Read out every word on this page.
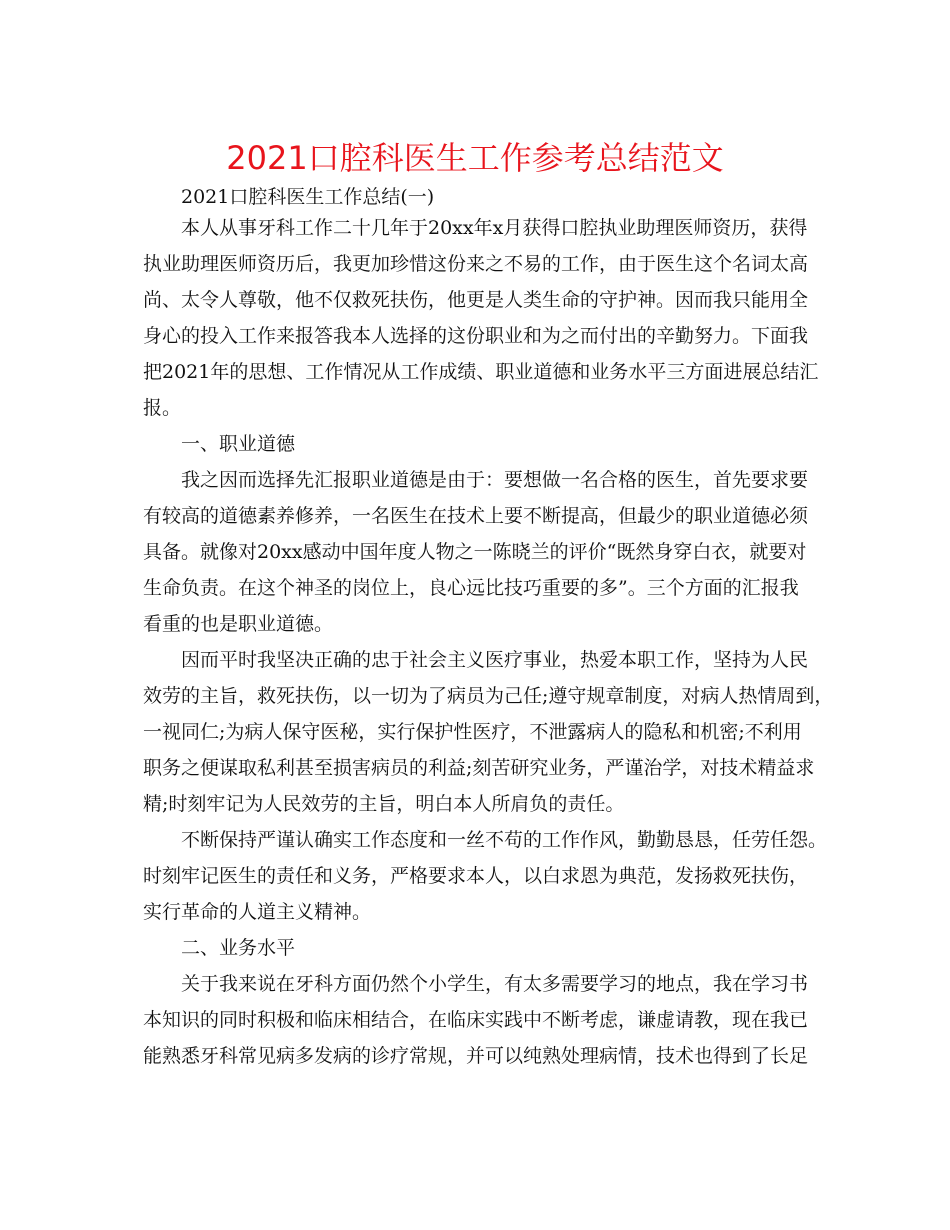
2021口腔科医生工作参考总结范文
2021口腔科医生工作总结(一)
本人从事牙科工作二十几年于20xx年x月获得口腔执业助理医师资历，获得
执业助理医师资历后，我更加珍惜这份来之不易的工作，由于医生这个名词太高
尚、太令人尊敬，他不仅救死扶伤，他更是人类生命的守护神。因而我只能用全
身心的投入工作来报答我本人选择的这份职业和为之而付出的辛勤努力。下面我
把2021年的思想、工作情况从工作成绩、职业道德和业务水平三方面进展总结汇
报。
一、职业道德
我之因而选择先汇报职业道德是由于：要想做一名合格的医生，首先要求要
有较高的道德素养修养，一名医生在技术上要不断提高，但最少的职业道德必须
具备。就像对20xx感动中国年度人物之一陈晓兰的评价“既然身穿白衣，就要对
生命负责。在这个神圣的岗位上，良心远比技巧重要的多”。三个方面的汇报我
看重的也是职业道德。
因而平时我坚决正确的忠于社会主义医疗事业，热爱本职工作，坚持为人民
效劳的主旨，救死扶伤，以一切为了病员为己任;遵守规章制度，对病人热情周到，
一视同仁;为病人保守医秘，实行保护性医疗，不泄露病人的隐私和机密;不利用
职务之便谋取私利甚至损害病员的利益;刻苦研究业务，严谨治学，对技术精益求
精;时刻牢记为人民效劳的主旨，明白本人所肩负的责任。
不断保持严谨认确实工作态度和一丝不苟的工作作风，勤勤恳恳，任劳任怨。
时刻牢记医生的责任和义务，严格要求本人，以白求恩为典范，发扬救死扶伤，
实行革命的人道主义精神。
二、业务水平
关于我来说在牙科方面仍然个小学生，有太多需要学习的地点，我在学习书
本知识的同时积极和临床相结合，在临床实践中不断考虑，谦虚请教，现在我已
能熟悉牙科常见病多发病的诊疗常规，并可以纯熟处理病情，技术也得到了长足
